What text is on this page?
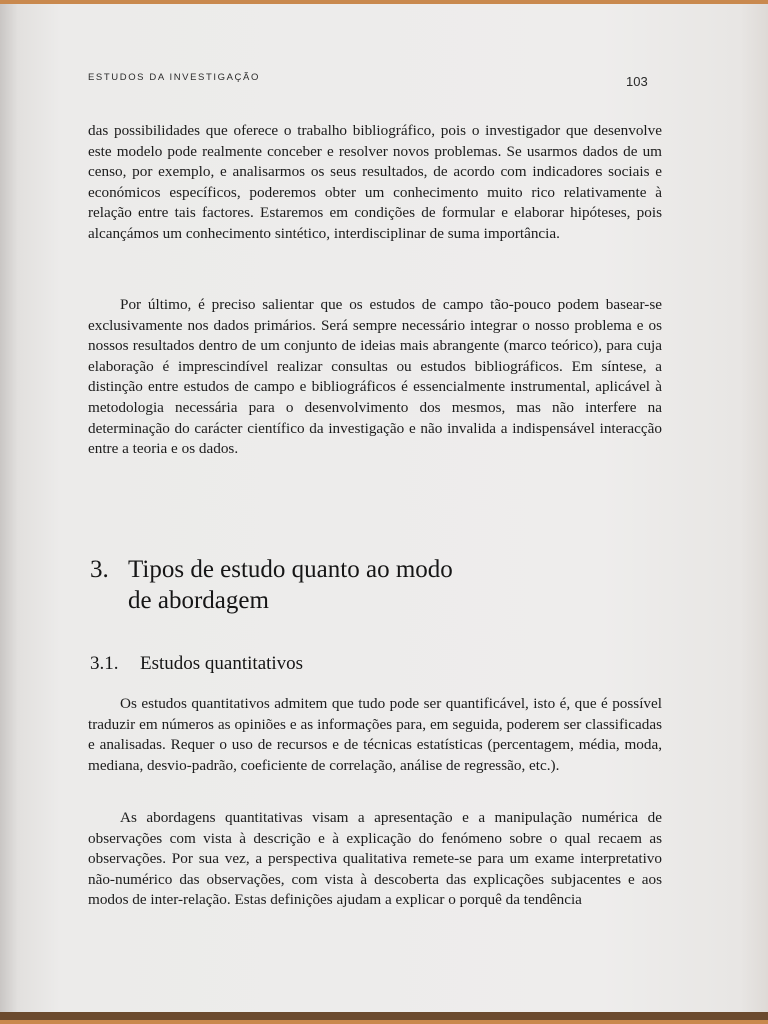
ESTUDOS DA INVESTIGAÇÃO	103

das possibilidades que oferece o trabalho bibliográfico, pois o investigador que desenvolve este modelo pode realmente conceber e resolver novos problemas. Se usarmos dados de um censo, por exemplo, e analisarmos os seus resultados, de acordo com indicadores sociais e económicos específicos, poderemos obter um conhecimento muito rico relativamente à relação entre tais factores. Estaremos em condições de formular e elaborar hipóteses, pois alcançámos um conhecimento sintético, interdisciplinar de suma importância.

Por último, é preciso salientar que os estudos de campo tão-pouco podem basear-se exclusivamente nos dados primários. Será sempre necessário integrar o nosso problema e os nossos resultados dentro de um conjunto de ideias mais abrangente (marco teórico), para cuja elaboração é imprescindível realizar consultas ou estudos bibliográficos. Em síntese, a distinção entre estudos de campo e bibliográficos é essencialmente instrumental, aplicável à metodologia necessária para o desenvolvimento dos mesmos, mas não interfere na determinação do carácter científico da investigação e não invalida a indispensável interacção entre a teoria e os dados.

3. Tipos de estudo quanto ao modo
de abordagem
3.1. Estudos quantitativos

Os estudos quantitativos admitem que tudo pode ser quantificável, isto é, que é possível traduzir em números as opiniões e as informações para, em seguida, poderem ser classificadas e analisadas. Requer o uso de recursos e de técnicas estatísticas (percentagem, média, moda, mediana, desvio-padrão, coeficiente de correlação, análise de regressão, etc.).

As abordagens quantitativas visam a apresentação e a manipulação numérica de observações com vista à descrição e à explicação do fenómeno sobre o qual recaem as observações. Por sua vez, a perspectiva qualitativa remete-se para um exame interpretativo não-numérico das observações, com vista à descoberta das explicações subjacentes e aos modos de inter-relação. Estas definições ajudam a explicar o porquê da tendência
